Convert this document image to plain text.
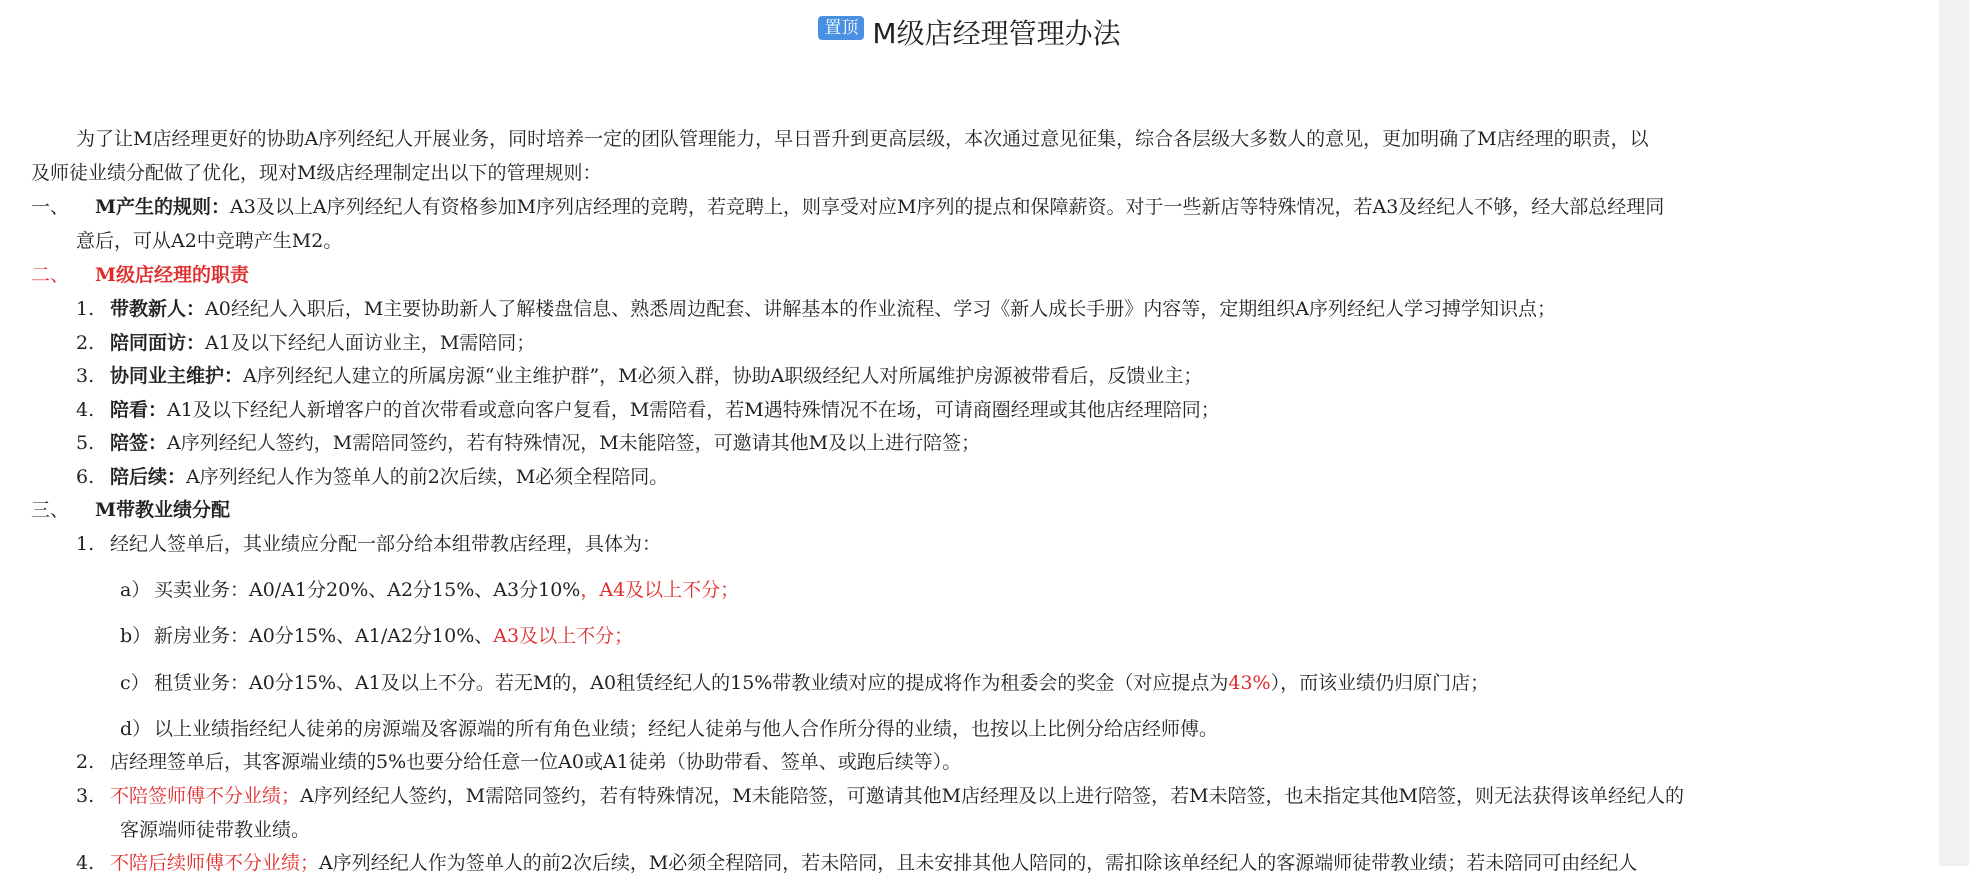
置顶 M级店经理管理办法
为了让M店经理更好的协助A序列经纪人开展业务，同时培养一定的团队管理能力，早日晋升到更高层级，本次通过意见征集，综合各层级大多数人的意见，更加明确了M店经理的职责，以
及师徒业绩分配做了优化，现对M级店经理制定出以下的管理规则：
一、 M产生的规则：A3及以上A序列经纪人有资格参加M序列店经理的竞聘，若竞聘上，则享受对应M序列的提点和保障薪资。对于一些新店等特殊情况，若A3及经纪人不够，经大部总经理同
意后，可从A2中竞聘产生M2。
二、 M级店经理的职责
1. 带教新人：A0经纪人入职后，M主要协助新人了解楼盘信息、熟悉周边配套、讲解基本的作业流程、学习《新人成长手册》内容等，定期组织A序列经纪人学习搏学知识点；
2. 陪同面访：A1及以下经纪人面访业主，M需陪同；
3. 协同业主维护：A序列经纪人建立的所属房源“业主维护群”，M必须入群，协助A职级经纪人对所属维护房源被带看后，反馈业主；
4. 陪看：A1及以下经纪人新增客户的首次带看或意向客户复看，M需陪看，若M遇特殊情况不在场，可请商圈经理或其他店经理陪同；
5. 陪签：A序列经纪人签约，M需陪同签约，若有特殊情况，M未能陪签，可邀请其他M及以上进行陪签；
6. 陪后续：A序列经纪人作为签单人的前2次后续，M必须全程陪同。
三、 M带教业绩分配
1. 经纪人签单后，其业绩应分配一部分给本组带教店经理，具体为：
a） 买卖业务：A0/A1分20%、A2分15%、A3分10%，A4及以上不分；
b） 新房业务：A0分15%、A1/A2分10%、A3及以上不分；
c） 租赁业务：A0分15%、A1及以上不分。若无M的，A0租赁经纪人的15%带教业绩对应的提成将作为租委会的奖金（对应提点为43%），而该业绩仍归原门店；
d） 以上业绩指经纪人徒弟的房源端及客源端的所有角色业绩；经纪人徒弟与他人合作所分得的业绩，也按以上比例分给店经师傅。
2. 店经理签单后，其客源端业绩的5%也要分给任意一位A0或A1徒弟（协助带看、签单、或跑后续等）。
3. 不陪签师傅不分业绩；A序列经纪人签约，M需陪同签约，若有特殊情况，M未能陪签，可邀请其他M店经理及以上进行陪签，若M未陪签，也未指定其他M陪签，则无法获得该单经纪人的
客源端师徒带教业绩。
4. 不陪后续师傅不分业绩；A序列经纪人作为签单人的前2次后续，M必须全程陪同，若未陪同，且未安排其他人陪同的，需扣除该单经纪人的客源端师徒带教业绩；若未陪同可由经纪人
